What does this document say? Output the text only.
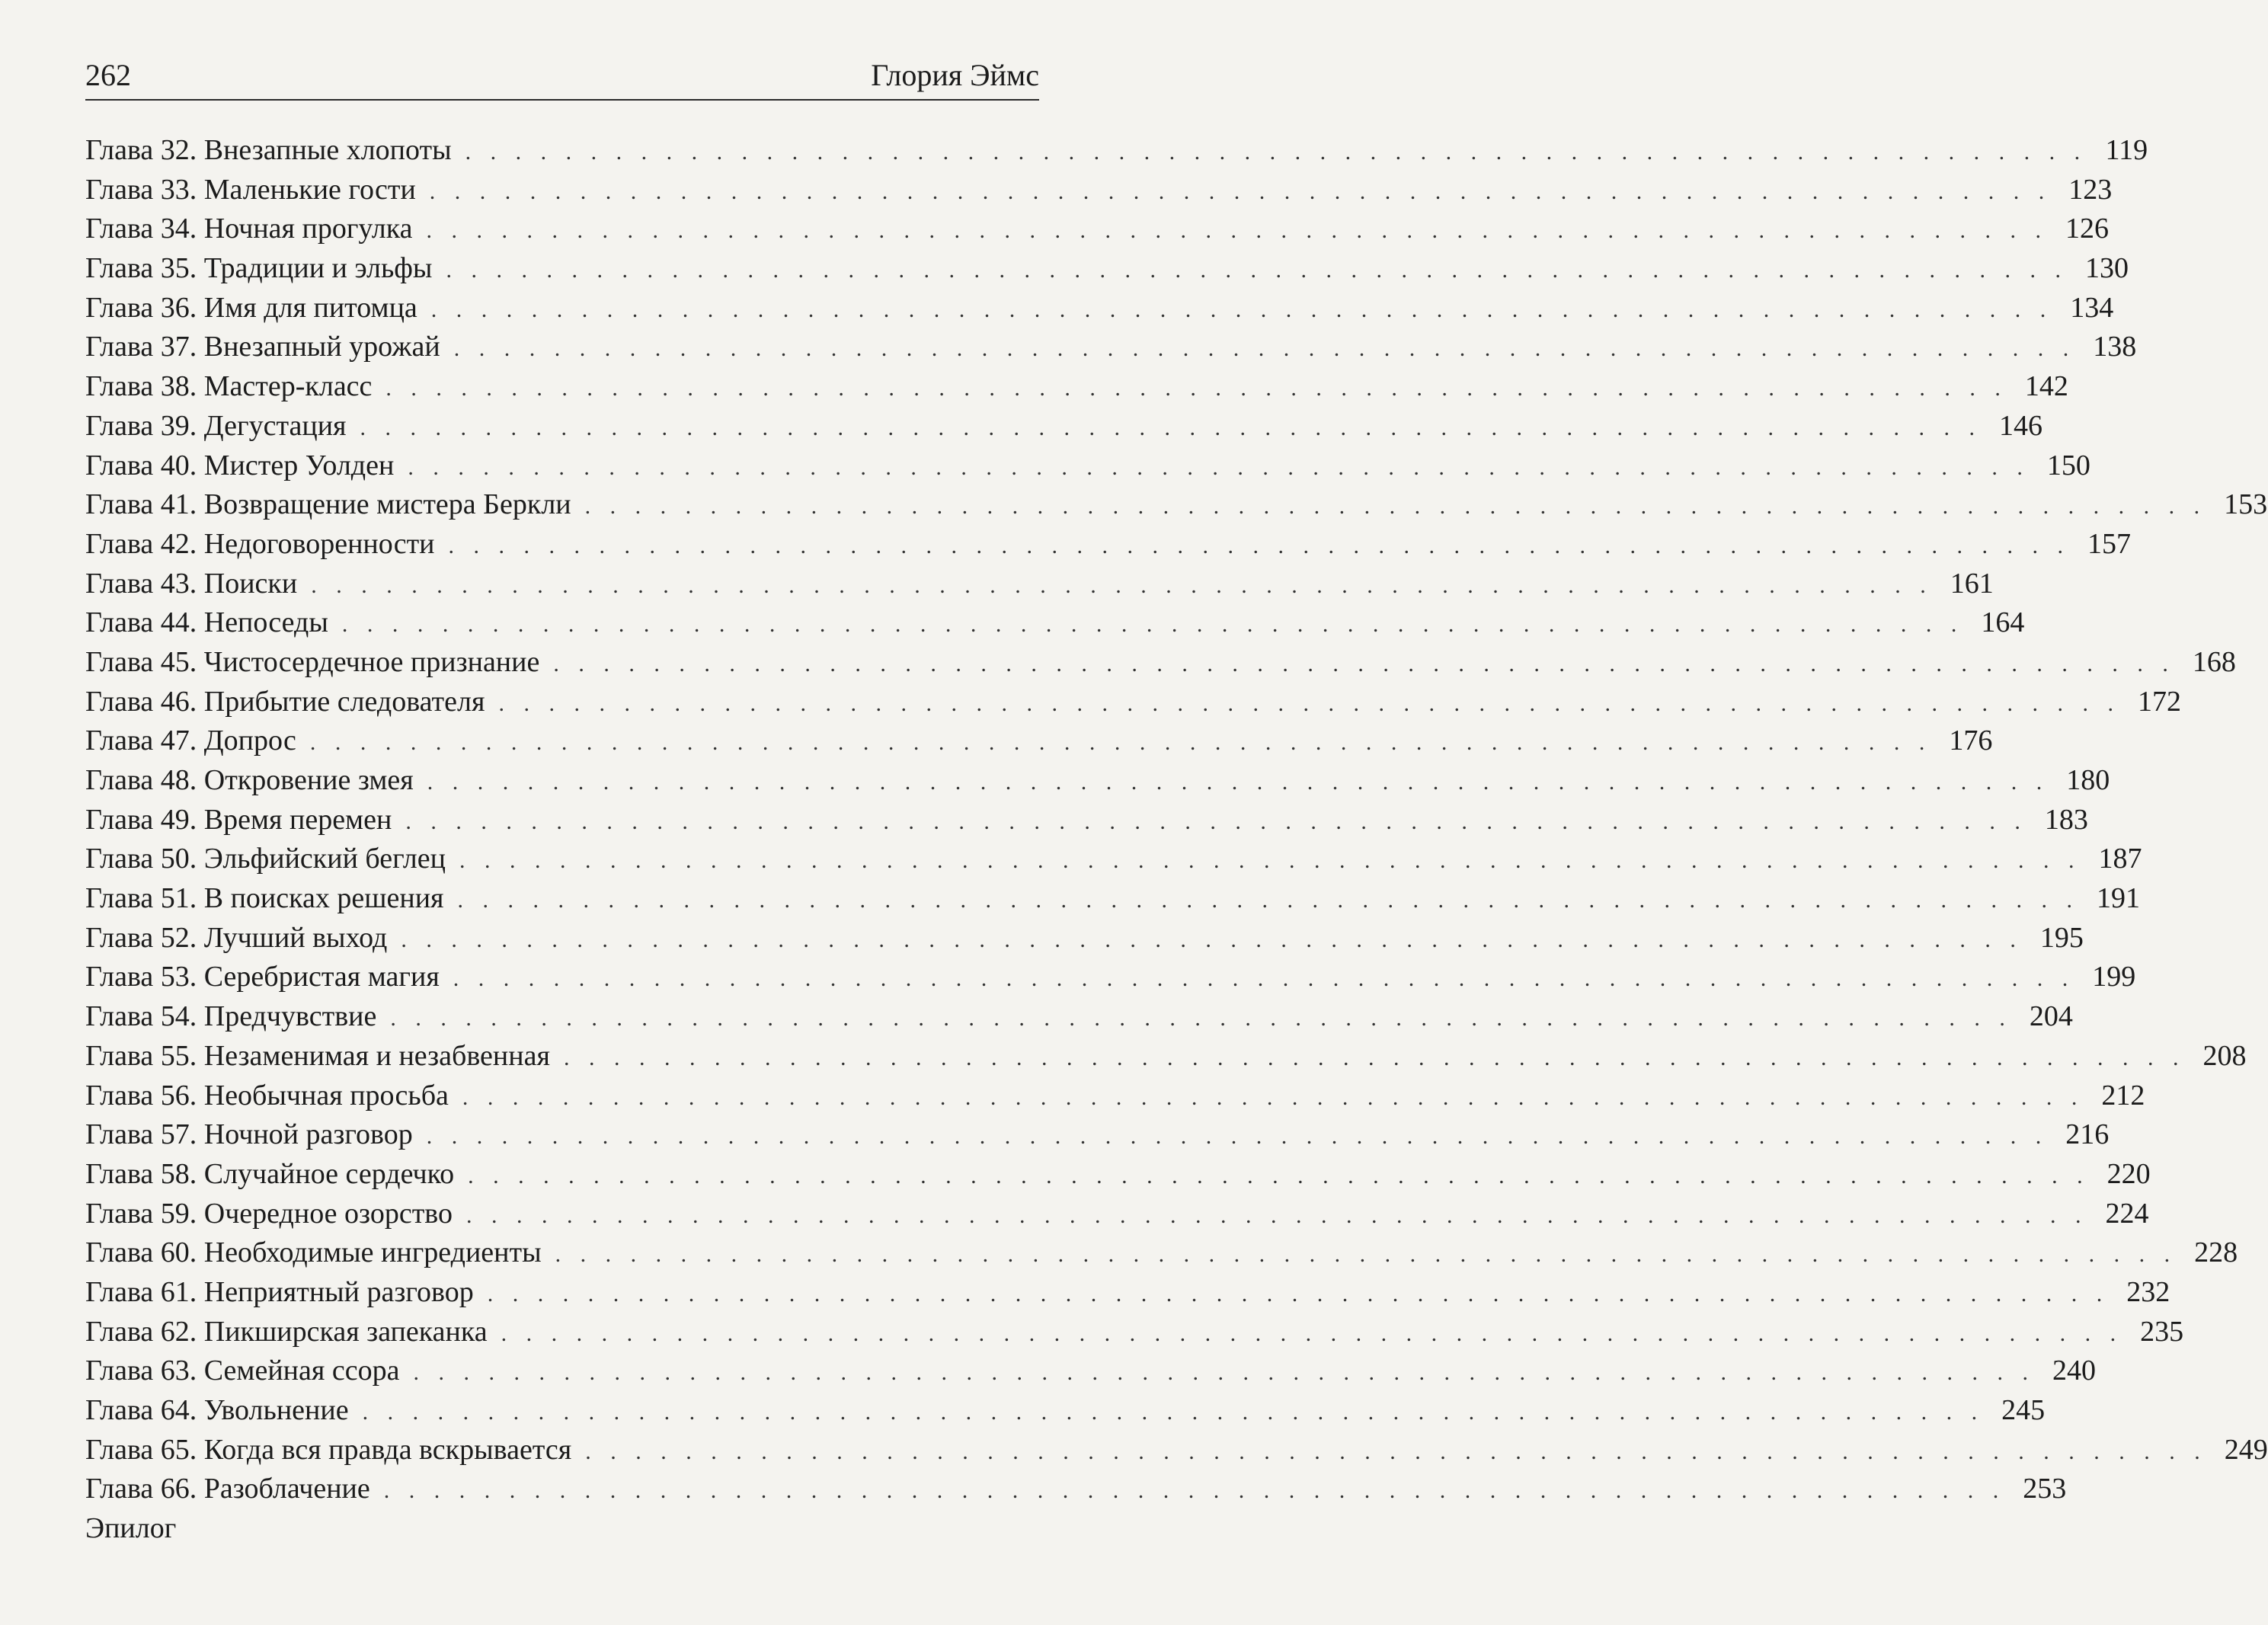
262	Глория Эймс
Глава 32. Внезапные хлопоты . . . . . . . . . . . . . . . . . . . . . . . . . . . . . . . . . . . . . . . . . . . . . . . . . . . . . . . . . . . . . . . . . 119
Глава 33. Маленькие гости . . . . . . . . . . . . . . . . . . . . . . . . . . . . . . . . . . . . . . . . . . . . . . . . . . . . . . . . . . . . . . . . . 123
Глава 34. Ночная прогулка . . . . . . . . . . . . . . . . . . . . . . . . . . . . . . . . . . . . . . . . . . . . . . . . . . . . . . . . . . . . . . . . . 126
Глава 35. Традиции и эльфы . . . . . . . . . . . . . . . . . . . . . . . . . . . . . . . . . . . . . . . . . . . . . . . . . . . . . . . . . . . . . . . . . 130
Глава 36. Имя для питомца . . . . . . . . . . . . . . . . . . . . . . . . . . . . . . . . . . . . . . . . . . . . . . . . . . . . . . . . . . . . . . . . . 134
Глава 37. Внезапный урожай . . . . . . . . . . . . . . . . . . . . . . . . . . . . . . . . . . . . . . . . . . . . . . . . . . . . . . . . . . . . . . . . . 138
Глава 38. Мастер-класс . . . . . . . . . . . . . . . . . . . . . . . . . . . . . . . . . . . . . . . . . . . . . . . . . . . . . . . . . . . . . . . . . 142
Глава 39. Дегустация . . . . . . . . . . . . . . . . . . . . . . . . . . . . . . . . . . . . . . . . . . . . . . . . . . . . . . . . . . . . . . . . . 146
Глава 40. Мистер Уолден . . . . . . . . . . . . . . . . . . . . . . . . . . . . . . . . . . . . . . . . . . . . . . . . . . . . . . . . . . . . . . . . . 150
Глава 41. Возвращение мистера Беркли . . . . . . . . . . . . . . . . . . . . . . . . . . . . . . . . . . . . . . . . . . . . . . . . . . . . . . . . . . . . . . . . . 153
Глава 42. Недоговоренности . . . . . . . . . . . . . . . . . . . . . . . . . . . . . . . . . . . . . . . . . . . . . . . . . . . . . . . . . . . . . . . . . 157
Глава 43. Поиски . . . . . . . . . . . . . . . . . . . . . . . . . . . . . . . . . . . . . . . . . . . . . . . . . . . . . . . . . . . . . . . . . 161
Глава 44. Непоседы . . . . . . . . . . . . . . . . . . . . . . . . . . . . . . . . . . . . . . . . . . . . . . . . . . . . . . . . . . . . . . . . . 164
Глава 45. Чистосердечное признание . . . . . . . . . . . . . . . . . . . . . . . . . . . . . . . . . . . . . . . . . . . . . . . . . . . . . . . . . . . . . . . . . 168
Глава 46. Прибытие следователя . . . . . . . . . . . . . . . . . . . . . . . . . . . . . . . . . . . . . . . . . . . . . . . . . . . . . . . . . . . . . . . . . 172
Глава 47. Допрос . . . . . . . . . . . . . . . . . . . . . . . . . . . . . . . . . . . . . . . . . . . . . . . . . . . . . . . . . . . . . . . . . 176
Глава 48. Откровение змея . . . . . . . . . . . . . . . . . . . . . . . . . . . . . . . . . . . . . . . . . . . . . . . . . . . . . . . . . . . . . . . . . 180
Глава 49. Время перемен . . . . . . . . . . . . . . . . . . . . . . . . . . . . . . . . . . . . . . . . . . . . . . . . . . . . . . . . . . . . . . . . . 183
Глава 50. Эльфийский беглец . . . . . . . . . . . . . . . . . . . . . . . . . . . . . . . . . . . . . . . . . . . . . . . . . . . . . . . . . . . . . . . . . 187
Глава 51. В поисках решения . . . . . . . . . . . . . . . . . . . . . . . . . . . . . . . . . . . . . . . . . . . . . . . . . . . . . . . . . . . . . . . . . 191
Глава 52. Лучший выход . . . . . . . . . . . . . . . . . . . . . . . . . . . . . . . . . . . . . . . . . . . . . . . . . . . . . . . . . . . . . . . . . 195
Глава 53. Серебристая магия . . . . . . . . . . . . . . . . . . . . . . . . . . . . . . . . . . . . . . . . . . . . . . . . . . . . . . . . . . . . . . . . . 199
Глава 54. Предчувствие . . . . . . . . . . . . . . . . . . . . . . . . . . . . . . . . . . . . . . . . . . . . . . . . . . . . . . . . . . . . . . . . . 204
Глава 55. Незаменимая и незабвенная . . . . . . . . . . . . . . . . . . . . . . . . . . . . . . . . . . . . . . . . . . . . . . . . . . . . . . . . . . . . . . . . . 208
Глава 56. Необычная просьба . . . . . . . . . . . . . . . . . . . . . . . . . . . . . . . . . . . . . . . . . . . . . . . . . . . . . . . . . . . . . . . . . 212
Глава 57. Ночной разговор . . . . . . . . . . . . . . . . . . . . . . . . . . . . . . . . . . . . . . . . . . . . . . . . . . . . . . . . . . . . . . . . . 216
Глава 58. Случайное сердечко . . . . . . . . . . . . . . . . . . . . . . . . . . . . . . . . . . . . . . . . . . . . . . . . . . . . . . . . . . . . . . . . . 220
Глава 59. Очередное озорство . . . . . . . . . . . . . . . . . . . . . . . . . . . . . . . . . . . . . . . . . . . . . . . . . . . . . . . . . . . . . . . . . 224
Глава 60. Необходимые ингредиенты . . . . . . . . . . . . . . . . . . . . . . . . . . . . . . . . . . . . . . . . . . . . . . . . . . . . . . . . . . . . . . . . . 228
Глава 61. Неприятный разговор . . . . . . . . . . . . . . . . . . . . . . . . . . . . . . . . . . . . . . . . . . . . . . . . . . . . . . . . . . . . . . . . . 232
Глава 62. Пикширская запеканка . . . . . . . . . . . . . . . . . . . . . . . . . . . . . . . . . . . . . . . . . . . . . . . . . . . . . . . . . . . . . . . . . 235
Глава 63. Семейная ссора . . . . . . . . . . . . . . . . . . . . . . . . . . . . . . . . . . . . . . . . . . . . . . . . . . . . . . . . . . . . . . . . . 240
Глава 64. Увольнение . . . . . . . . . . . . . . . . . . . . . . . . . . . . . . . . . . . . . . . . . . . . . . . . . . . . . . . . . . . . . . . . . 245
Глава 65. Когда вся правда вскрывается . . . . . . . . . . . . . . . . . . . . . . . . . . . . . . . . . . . . . . . . . . . . . . . . . . . . . . . . . . . . . . . . . 249
Глава 66. Разоблачение . . . . . . . . . . . . . . . . . . . . . . . . . . . . . . . . . . . . . . . . . . . . . . . . . . . . . . . . . . . . . . . . . 253
Эпилог
